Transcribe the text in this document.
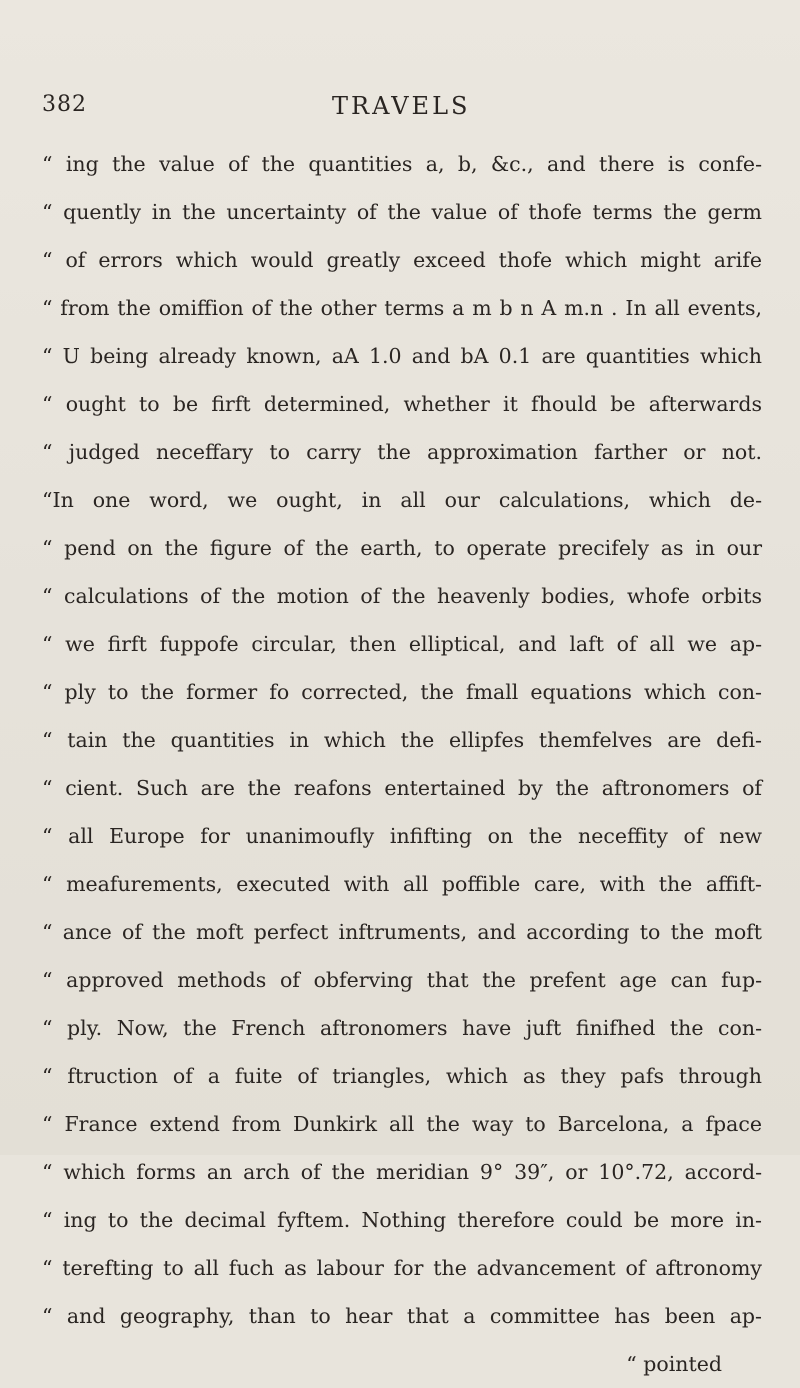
382	TRAVELS
“ ing the value of the quantities a, b, &c., and there is confe-
“ quently in the uncertainty of the value of thofe terms the germ
“ of errors which would greatly exceed thofe which might arife
“ from the omiffion of the other terms a m b n A m.n . In all events,
“ U being already known, aA 1.0 and bA 0.1 are quantities which
“ ought to be firft determined, whether it fhould be afterwards
“ judged neceffary to carry the approximation farther or not.
“In one word, we ought, in all our calculations, which de-
“ pend on the figure of the earth, to operate precifely as in our
“ calculations of the motion of the heavenly bodies, whofe orbits
“ we firft fuppofe circular, then elliptical, and laft of all we ap-
“ ply to the former fo corrected, the fmall equations which con-
“ tain the quantities in which the ellipfes themfelves are defi-
“ cient. Such are the reafons entertained by the aftronomers of
“ all Europe for unanimoufly infifting on the neceffity of new
“ meafurements, executed with all poffible care, with the affift-
“ ance of the moft perfect inftruments, and according to the moft
“ approved methods of obferving that the prefent age can fup-
“ ply. Now, the French aftronomers have juft finifhed the con-
“ ftruction of a fuite of triangles, which as they pafs through
“ France extend from Dunkirk all the way to Barcelona, a fpace
“ which forms an arch of the meridian 9° 39″, or 10°.72, accord-
“ ing to the decimal fyftem. Nothing therefore could be more in-
“ terefting to all fuch as labour for the advancement of aftronomy
“ and geography, than to hear that a committee has been ap-
“ pointed
